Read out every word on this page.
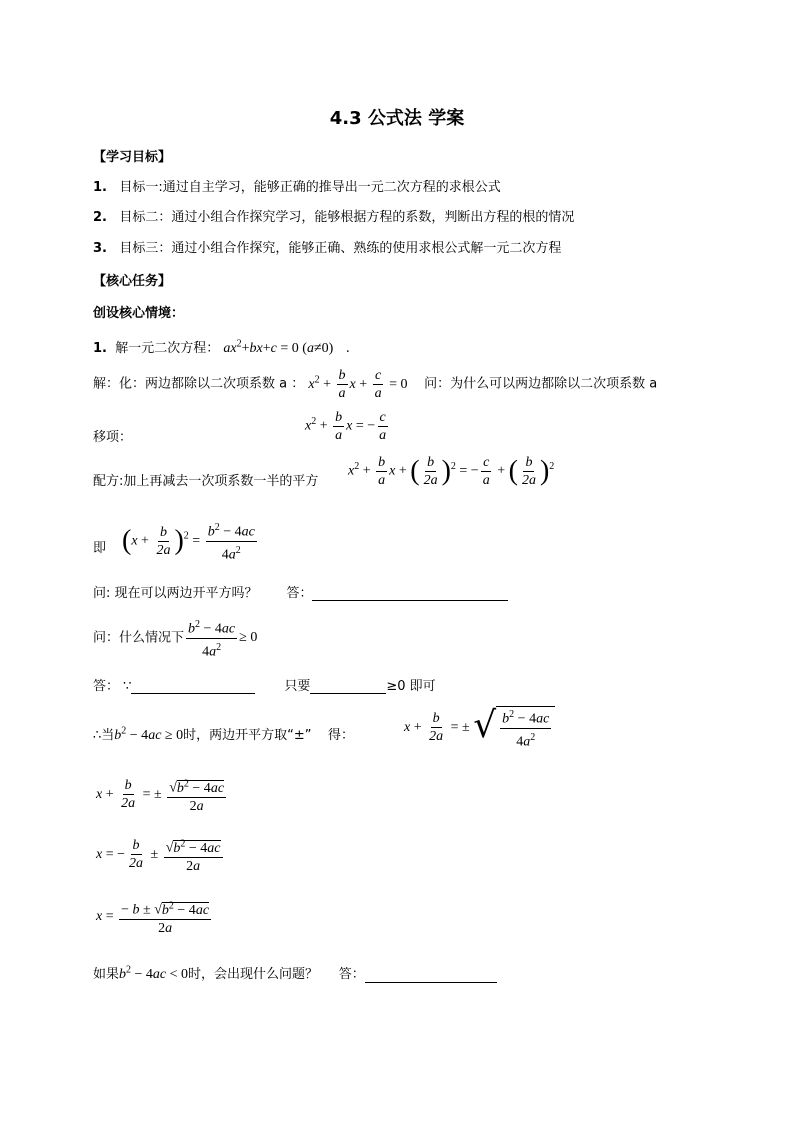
4.3 公式法 学案
【学习目标】
1. 目标一:通过自主学习，能够正确的推导出一元二次方程的求根公式
2. 目标二：通过小组合作探究学习，能够根据方程的系数，判断出方程的根的情况
3. 目标三：通过小组合作探究，能够正确、熟练的使用求根公式解一元二次方程
【核心任务】
创设核心情境：
1. 解一元二次方程： $ax^2+bx+c = 0$ (a≠0)   .
解：化：两边都除以二次项系数 a ： $x^2 + \frac{b}{a}$ $x + \frac{c}{a} = 0$ 问：为什么可以两边都除以二次项系数 a
移项：
$x^2 + \frac{b}{a}$ x = − $\frac{c}{a}$
配方:加上再减去一次项系数一半的平方
$x^2 + \frac{b}{a}$ x + ( $\frac{b}{2a} )^2$ = − $\frac{c}{a}$ + ( $\frac{b}{2a} )^2$
即 $(x + \frac{b}{2a} )^2 = \frac{b^2 - 4ac}{4a^2}$
问: 现在可以两边开平方吗？ 答：
问：什么情况下 $\frac{b^2 - 4ac}{4a^2} \ge 0$
答： ∵	只要	≥0 即可
∴当$b^2 - 4ac \ge 0$时，两边开平方取“±” 得：
$x + \frac{b}{2a}$ = ± √ $\frac{b^2 - 4ac}{4a^2}$
$x + \frac{b}{2a}$ = ± $\frac{√b^2 - 4ac}{2a}$
x = − $\frac{b}{2a} \pm \frac{√b^2 - 4ac}{2a}$
$x = \frac{- b \pm √b^2 - 4ac}{2a}$
如果$b^2 - 4ac < 0$时，会出现什么问题？ 答：
